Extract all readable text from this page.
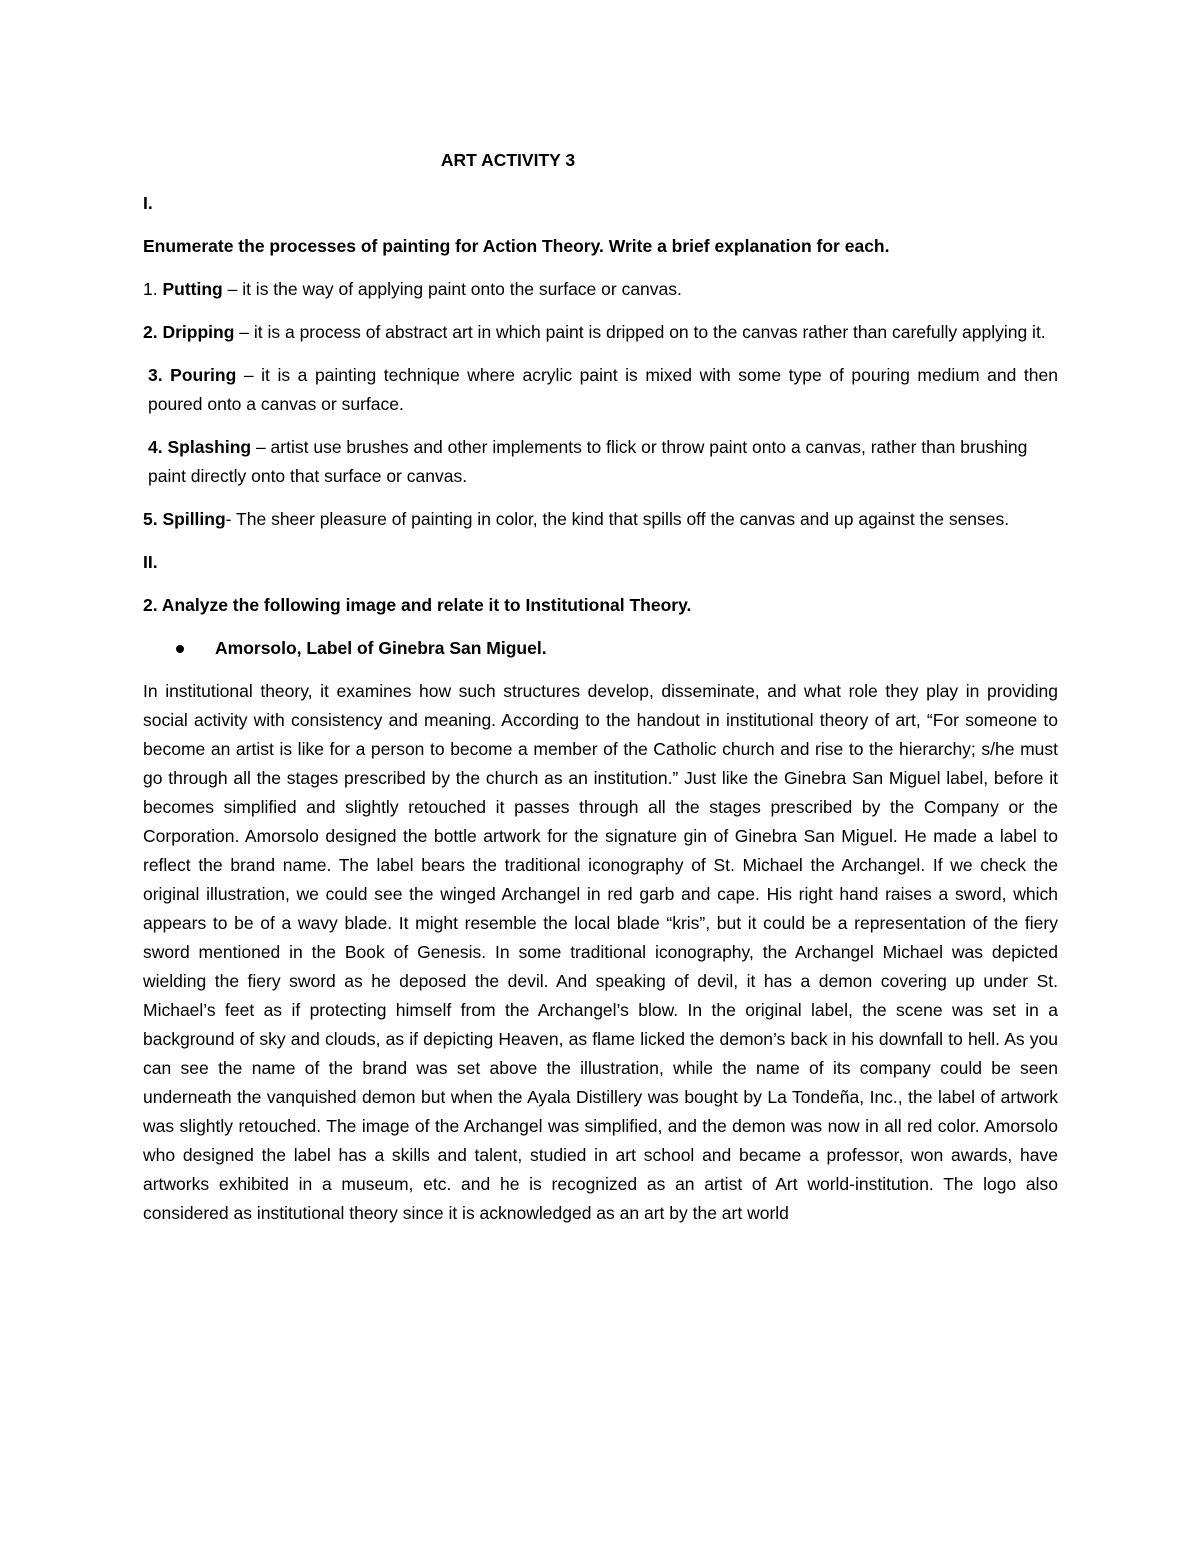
ART ACTIVITY 3

I.

Enumerate the processes of painting for Action Theory. Write a brief explanation for each.

1. Putting – it is the way of applying paint onto the surface or canvas.

2. Dripping – it is a process of abstract art in which paint is dripped on to the canvas rather than carefully applying it.

3. Pouring – it is a painting technique where acrylic paint is mixed with some type of pouring medium and then poured onto a canvas or surface.

4. Splashing – artist use brushes and other implements to flick or throw paint onto a canvas, rather than brushing paint directly onto that surface or canvas.

5. Spilling- The sheer pleasure of painting in color, the kind that spills off the canvas and up against the senses.

II.

2. Analyze the following image and relate it to Institutional Theory.

Amorsolo, Label of Ginebra San Miguel.

In institutional theory, it examines how such structures develop, disseminate, and what role they play in providing social activity with consistency and meaning. According to the handout in institutional theory of art, “For someone to become an artist is like for a person to become a member of the Catholic church and rise to the hierarchy; s/he must go through all the stages prescribed by the church as an institution.” Just like the Ginebra San Miguel label, before it becomes simplified and slightly retouched it passes through all the stages prescribed by the Company or the Corporation. Amorsolo designed the bottle artwork for the signature gin of Ginebra San Miguel. He made a label to reflect the brand name. The label bears the traditional iconography of St. Michael the Archangel. If we check the original illustration, we could see the winged Archangel in red garb and cape. His right hand raises a sword, which appears to be of a wavy blade. It might resemble the local blade “kris”, but it could be a representation of the fiery sword mentioned in the Book of Genesis. In some traditional iconography, the Archangel Michael was depicted wielding the fiery sword as he deposed the devil. And speaking of devil, it has a demon covering up under St. Michael’s feet as if protecting himself from the Archangel’s blow. In the original label, the scene was set in a background of sky and clouds, as if depicting Heaven, as flame licked the demon’s back in his downfall to hell. As you can see the name of the brand was set above the illustration, while the name of its company could be seen underneath the vanquished demon but when the Ayala Distillery was bought by La Tondeña, Inc., the label of artwork was slightly retouched. The image of the Archangel was simplified, and the demon was now in all red color. Amorsolo who designed the label has a skills and talent, studied in art school and became a professor, won awards, have artworks exhibited in a museum, etc. and he is recognized as an artist of Art world-institution. The logo also considered as institutional theory since it is acknowledged as an art by the art world
